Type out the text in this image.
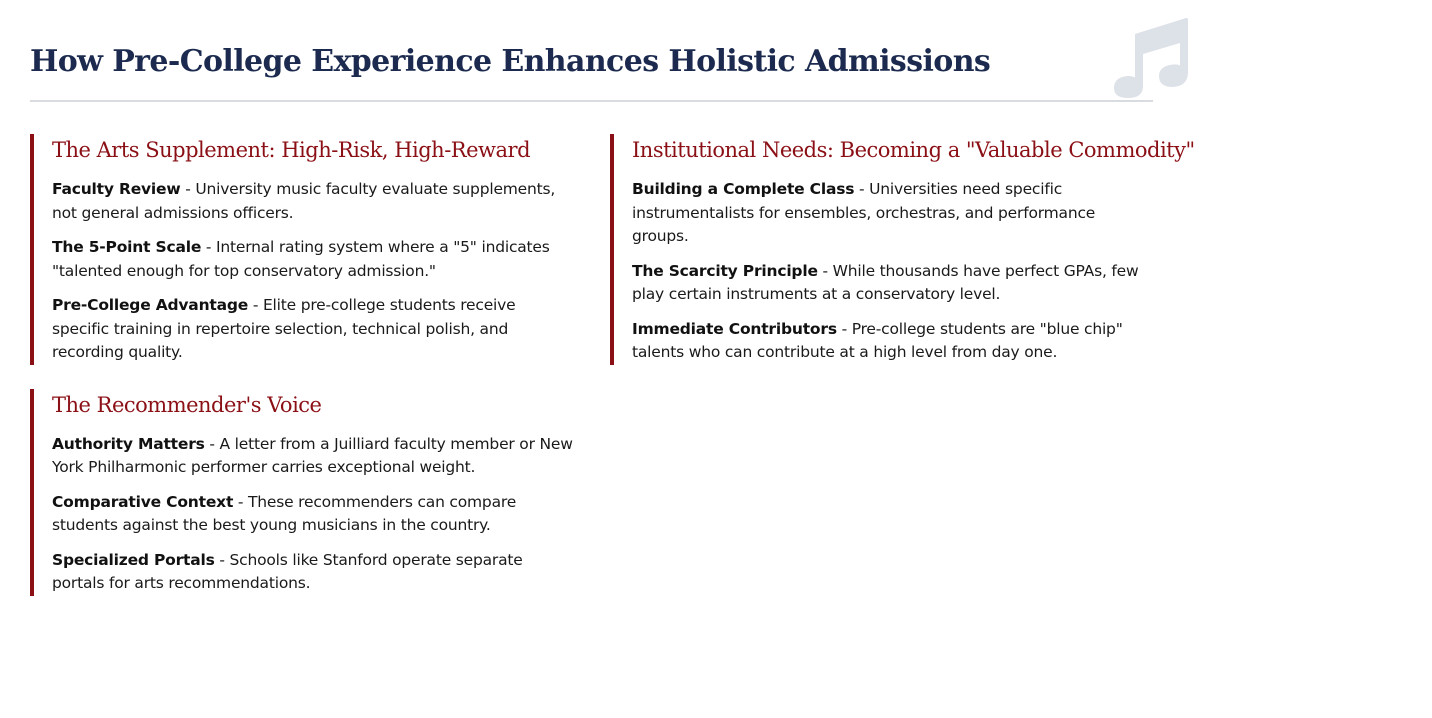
How Pre-College Experience Enhances Holistic Admissions
The Arts Supplement: High-Risk, High-Reward

Faculty Review - University music faculty evaluate supplements, not general admissions officers.

The 5-Point Scale - Internal rating system where a "5" indicates "talented enough for top conservatory admission."

Pre-College Advantage - Elite pre-college students receive specific training in repertoire selection, technical polish, and recording quality.

The Recommender's Voice

Authority Matters - A letter from a Juilliard faculty member or New York Philharmonic performer carries exceptional weight.

Comparative Context - These recommenders can compare students against the best young musicians in the country.

Specialized Portals - Schools like Stanford operate separate portals for arts recommendations.

Institutional Needs: Becoming a "Valuable Commodity"

Building a Complete Class - Universities need specific instrumentalists for ensembles, orchestras, and performance groups.

The Scarcity Principle - While thousands have perfect GPAs, few play certain instruments at a conservatory level.

Immediate Contributors - Pre-college students are "blue chip" talents who can contribute at a high level from day one.
